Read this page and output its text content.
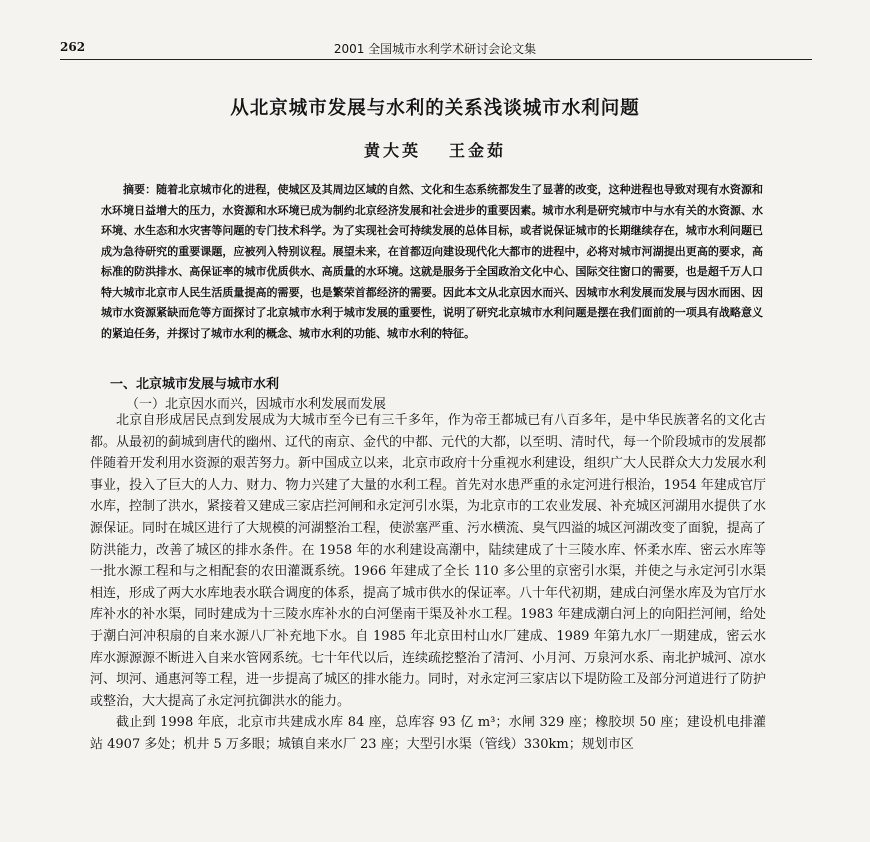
262	2001 全国城市水利学术研讨会论文集
从北京城市发展与水利的关系浅谈城市水利问题
黄大英 王金茹

摘要：随着北京城市化的进程，使城区及其周边区域的自然、文化和生态系统都发生了显著的改变，这种进程也导致对现有水资源和水环境日益增大的压力，水资源和水环境已成为制约北京经济发展和社会进步的重要因素。城市水利是研究城市中与水有关的水资源、水环境、水生态和水灾害等问题的专门技术科学。为了实现社会可持续发展的总体目标，或者说保证城市的长期继续存在，城市水利问题已成为急待研究的重要课题，应被列入特别议程。展望未来，在首都迈向建设现代化大都市的进程中，必将对城市河湖提出更高的要求，高标准的防洪排水、高保证率的城市优质供水、高质量的水环境。这就是服务于全国政治文化中心、国际交往窗口的需要，也是超千万人口特大城市北京市人民生活质量提高的需要，也是繁荣首都经济的需要。因此本文从北京因水而兴、因城市水利发展而发展与因水而困、因城市水资源紧缺而危等方面探讨了北京城市水利于城市发展的重要性，说明了研究北京城市水利问题是摆在我们面前的一项具有战略意义的紧迫任务，并探讨了城市水利的概念、城市水利的功能、城市水利的特征。

一、北京城市发展与城市水利
（一）北京因水而兴，因城市水利发展而发展

北京自形成居民点到发展成为大城市至今已有三千多年，作为帝王都城已有八百多年，是中华民族著名的文化古都。从最初的蓟城到唐代的幽州、辽代的南京、金代的中都、元代的大都，以至明、清时代，每一个阶段城市的发展都伴随着开发利用水资源的艰苦努力。新中国成立以来，北京市政府十分重视水利建设，组织广大人民群众大力发展水利事业，投入了巨大的人力、财力、物力兴建了大量的水利工程。首先对水患严重的永定河进行根治，1954 年建成官厅水库，控制了洪水，紧接着又建成三家店拦河闸和永定河引水渠，为北京市的工农业发展、补充城区河湖用水提供了水源保证。同时在城区进行了大规模的河湖整治工程，使淤塞严重、污水横流、臭气四溢的城区河湖改变了面貌，提高了防洪能力，改善了城区的排水条件。在 1958 年的水利建设高潮中，陆续建成了十三陵水库、怀柔水库、密云水库等一批水源工程和与之相配套的农田灌溉系统。1966 年建成了全长 110 多公里的京密引水渠，并使之与永定河引水渠相连，形成了两大水库地表水联合调度的体系，提高了城市供水的保证率。八十年代初期，建成白河堡水库及为官厅水库补水的补水渠，同时建成为十三陵水库补水的白河堡南干渠及补水工程。1983 年建成潮白河上的向阳拦河闸，给处于潮白河冲积扇的自来水源八厂补充地下水。自 1985 年北京田村山水厂建成、1989 年第九水厂一期建成，密云水库水源源源不断进入自来水管网系统。七十年代以后，连续疏挖整治了清河、小月河、万泉河水系、南北护城河、凉水河、坝河、通惠河等工程，进一步提高了城区的排水能力。同时，对永定河三家店以下堤防险工及部分河道进行了防护或整治，大大提高了永定河抗御洪水的能力。

截止到 1998 年底，北京市共建成水库 84 座，总库容 93 亿 m³；水闸 329 座；橡胶坝 50 座；建设机电排灌站 4907 多处；机井 5 万多眼；城镇自来水厂 23 座；大型引水渠（管线）330km；规划市区
